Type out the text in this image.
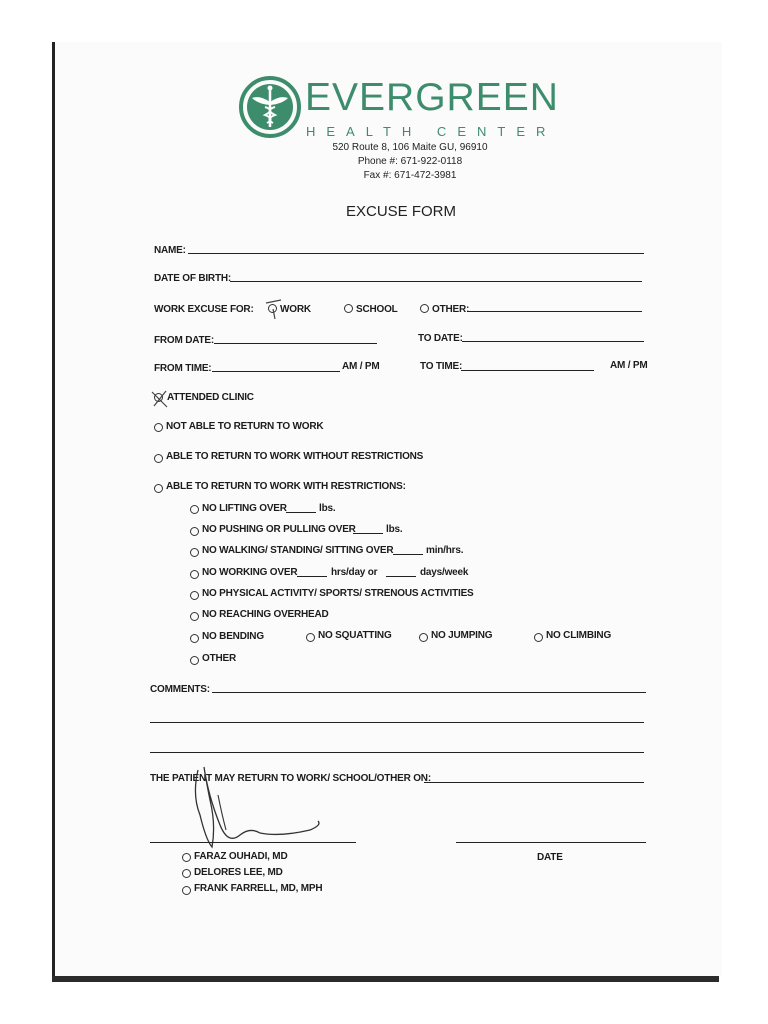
EVERGREEN
HEALTH CENTER
520 Route 8, 106 Maite GU, 96910
Phone #: 671-922-0118
Fax #: 671-472-3981
EXCUSE FORM
NAME:
DATE OF BIRTH:
WORK EXCUSE FOR:	WORK	SCHOOL	OTHER:
FROM DATE:	TO DATE:
FROM TIME:	AM / PM	TO TIME:	AM / PM
ATTENDED CLINIC
NOT ABLE TO RETURN TO WORK
ABLE TO RETURN TO WORK WITHOUT RESTRICTIONS
ABLE TO RETURN TO WORK WITH RESTRICTIONS:
NO LIFTING OVER	lbs.
NO PUSHING OR PULLING OVER	lbs.
NO WALKING/ STANDING/ SITTING OVER	min/hrs.
NO WORKING OVER	hrs/day or	days/week
NO PHYSICAL ACTIVITY/ SPORTS/ STRENOUS ACTIVITIES
NO REACHING OVERHEAD
NO BENDING	NO SQUATTING	NO JUMPING	NO CLIMBING
OTHER
COMMENTS:
THE PATIENT MAY RETURN TO WORK/ SCHOOL/OTHER ON:
FARAZ OUHADI, MD
DELORES LEE, MD
FRANK FARRELL, MD, MPH
DATE
